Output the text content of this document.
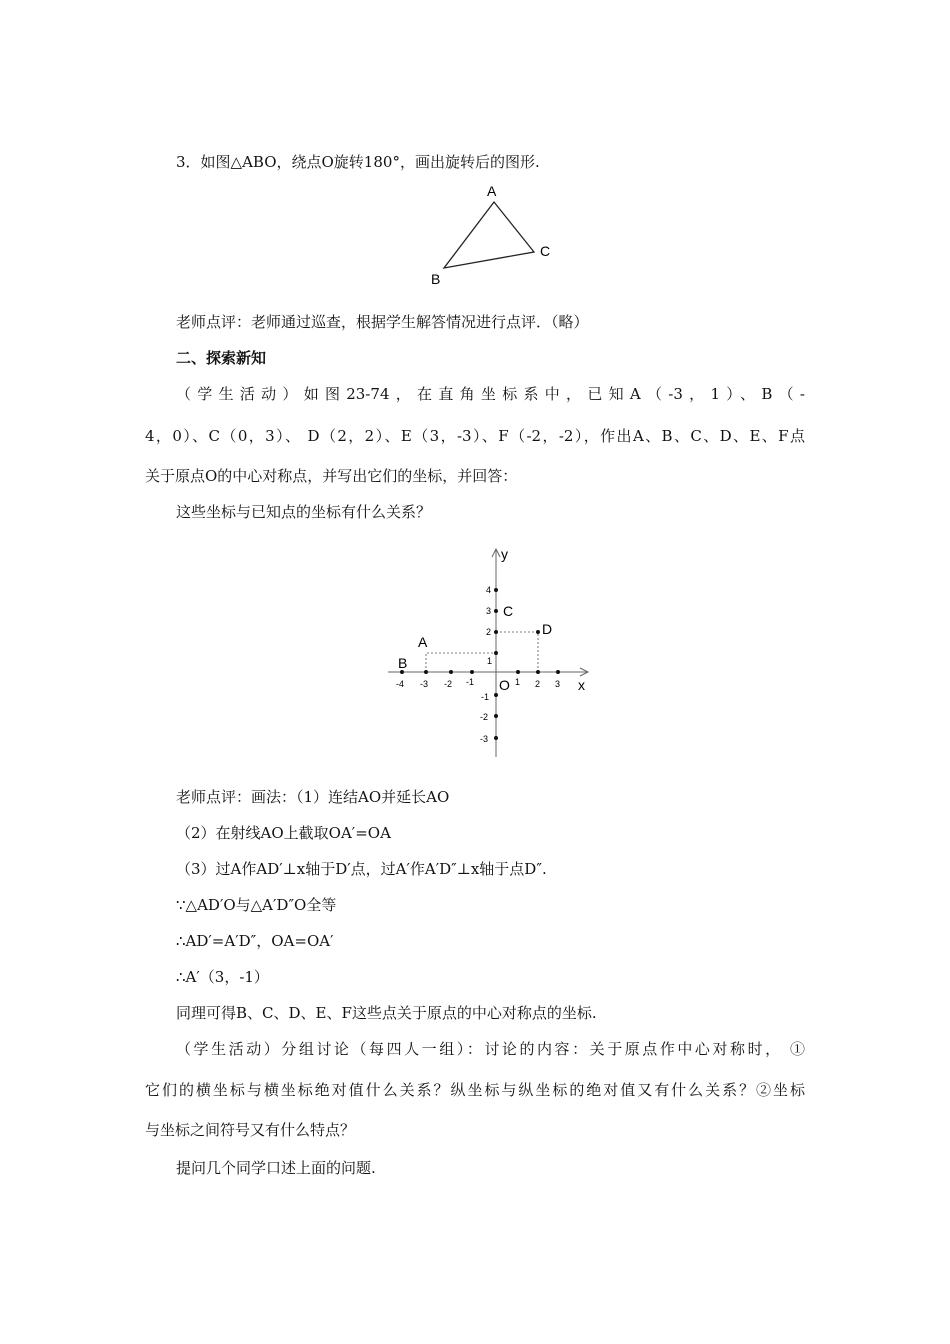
3．如图△ABO，绕点O旋转180°，画出旋转后的图形.
A
B
C
老师点评：老师通过巡查，根据学生解答情况进行点评．（略）
二、探索新知
（学生活动）如图23-74，在直角坐标系中，已知A（-3，1）、B（-
4，0）、C（0，3）、 D（2，2）、E（3，-3）、F（-2，-2），作出A、B、C、D、E、F点
关于原点O的中心对称点，并写出它们的坐标，并回答：
这些坐标与已知点的坐标有什么关系？
y
x
O
-4 -3 -2 -1	1 2 3
4
3
2
1
-1
-2
-3
A
B
C
D
老师点评：画法：（1）连结AO并延长AO
（2）在射线AO上截取OA′=OA
（3）过A作AD′⊥x轴于D′点，过A′作A′D″⊥x轴于点D″.
∵△AD′O与△A′D″O全等
∴AD′=A′D″，OA=OA′
∴A′（3，-1）
同理可得B、C、D、E、F这些点关于原点的中心对称点的坐标.
（学生活动）分组讨论（每四人一组）：讨论的内容：关于原点作中心对称时， ①
它们的横坐标与横坐标绝对值什么关系？纵坐标与纵坐标的绝对值又有什么关系？②坐标
与坐标之间符号又有什么特点？
提问几个同学口述上面的问题.
